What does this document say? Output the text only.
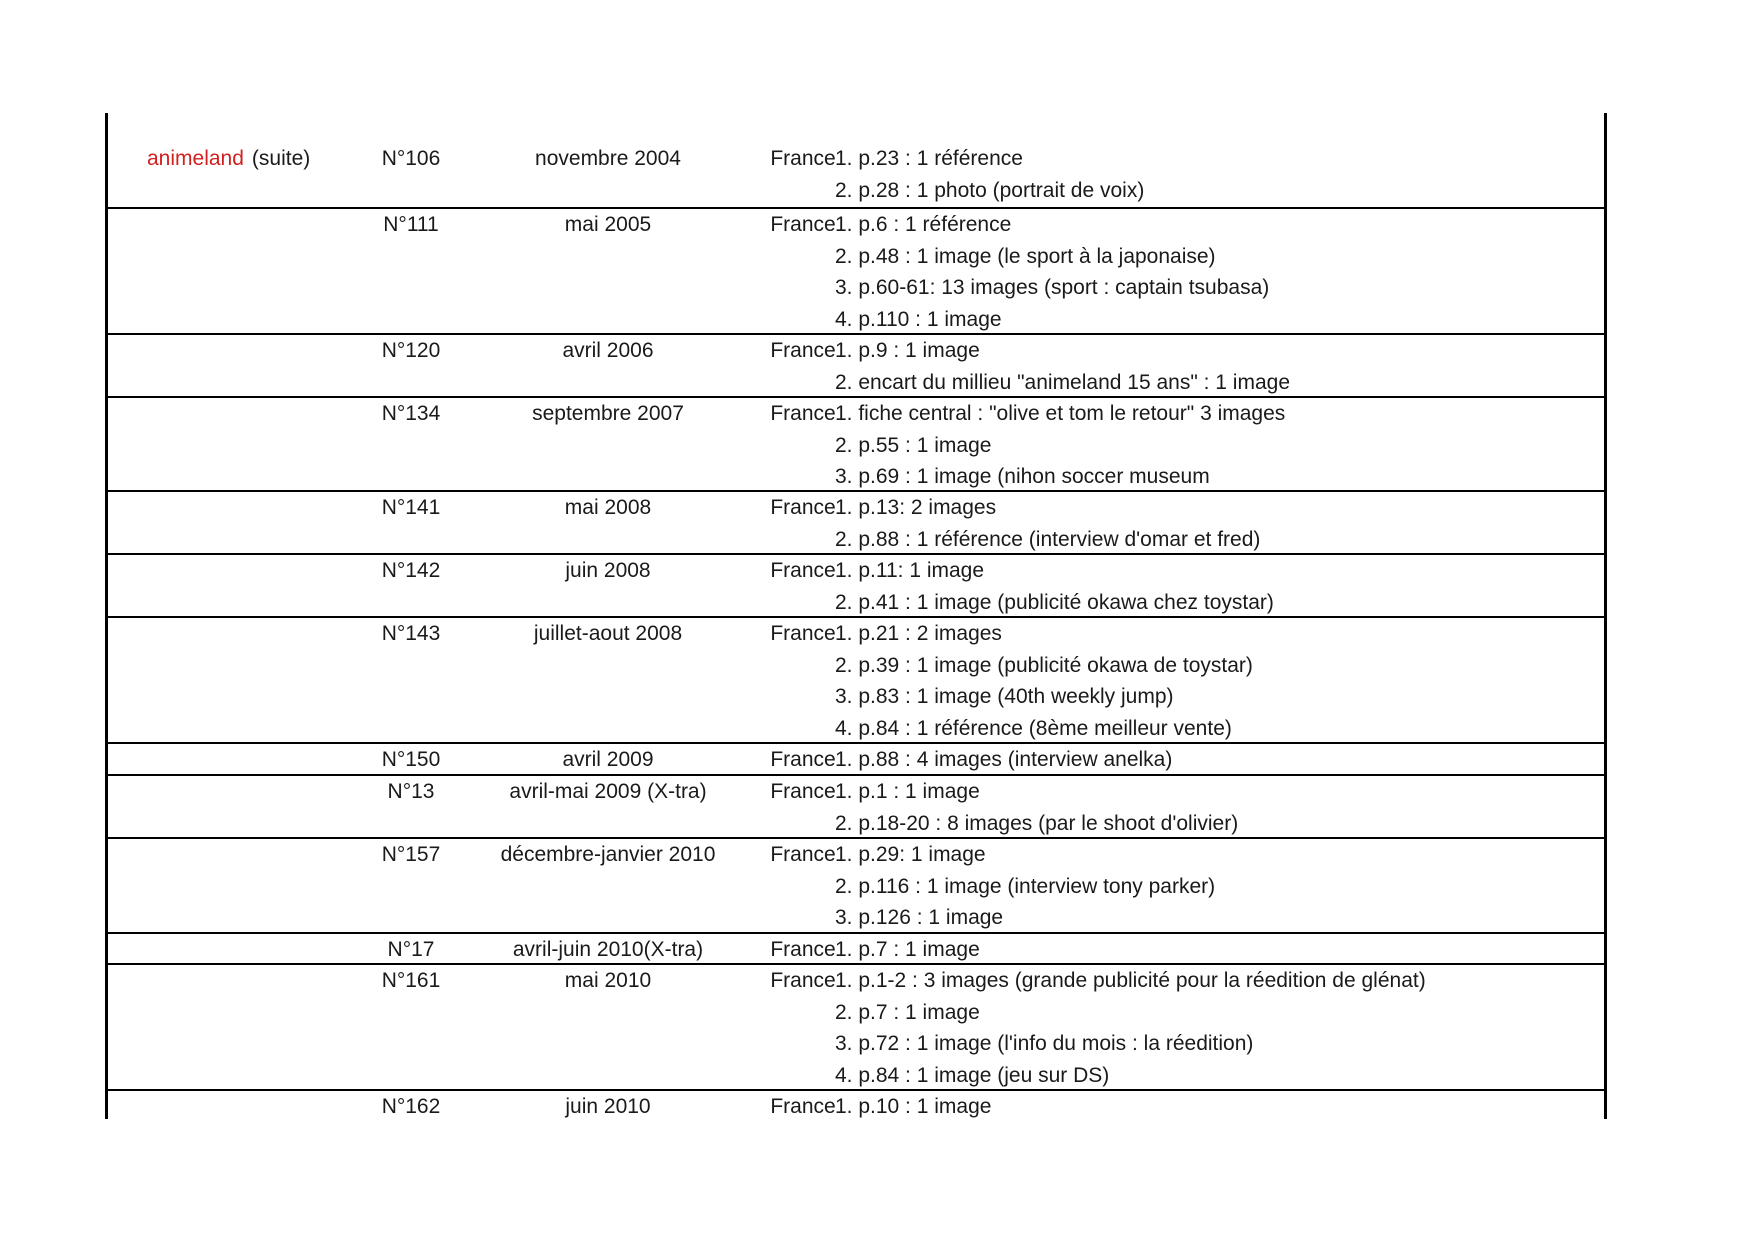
animeland (suite)	N°106	novembre 2004	France 1. p.23 : 1 référence
2. p.28 : 1 photo (portrait de voix)
N°111	mai 2005	France 1. p.6 : 1 référence
2. p.48 : 1 image (le sport à la japonaise)
3. p.60-61: 13 images (sport : captain tsubasa)
4. p.110 : 1 image
N°120	avril 2006	France 1. p.9 : 1 image
2. encart du millieu "animeland 15 ans" : 1 image
N°134	septembre 2007	France 1. fiche central : "olive et tom le retour" 3 images
2. p.55 : 1 image
3. p.69 : 1 image (nihon soccer museum
N°141	mai 2008	France 1. p.13: 2 images
2. p.88 : 1 référence (interview d'omar et fred)
N°142	juin 2008	France 1. p.11: 1 image
2. p.41 : 1 image (publicité okawa chez toystar)
N°143	juillet-aout 2008	France 1. p.21 : 2 images
2. p.39 : 1 image (publicité okawa de toystar)
3. p.83 : 1 image (40th weekly jump)
4. p.84 : 1 référence (8ème meilleur vente)
N°150	avril 2009	France 1. p.88 : 4 images (interview anelka)
N°13	avril-mai 2009 (X-tra)	France 1. p.1 : 1 image
2. p.18-20 : 8 images (par le shoot d'olivier)
N°157	décembre-janvier 2010	France 1. p.29: 1 image
2. p.116 : 1 image (interview tony parker)
3. p.126 : 1 image
N°17	avril-juin 2010(X-tra)	France 1. p.7 : 1 image
N°161	mai 2010	France 1. p.1-2 : 3 images (grande publicité pour la réedition de glénat)
2. p.7 : 1 image
3. p.72 : 1 image (l'info du mois : la réedition)
4. p.84 : 1 image (jeu sur DS)
N°162	juin 2010	France 1. p.10 : 1 image
